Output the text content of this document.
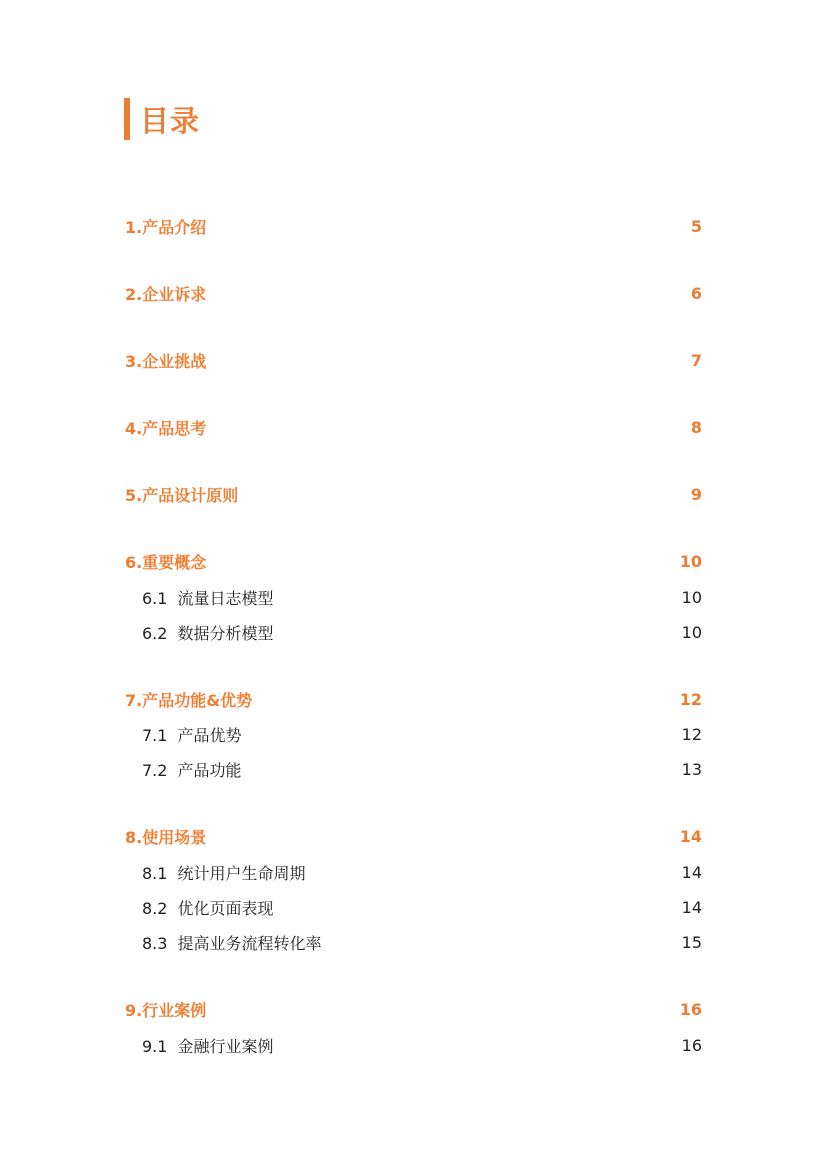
目录
1.产品介绍	5
2.企业诉求	6
3.企业挑战	7
4.产品思考	8
5.产品设计原则	9
6.重要概念	10
6.1 流量日志模型	10
6.2 数据分析模型	10
7.产品功能&优势	12
7.1 产品优势	12
7.2 产品功能	13
8.使用场景	14
8.1 统计用户生命周期	14
8.2 优化页面表现	14
8.3 提高业务流程转化率	15
9.行业案例	16
9.1 金融行业案例	16
